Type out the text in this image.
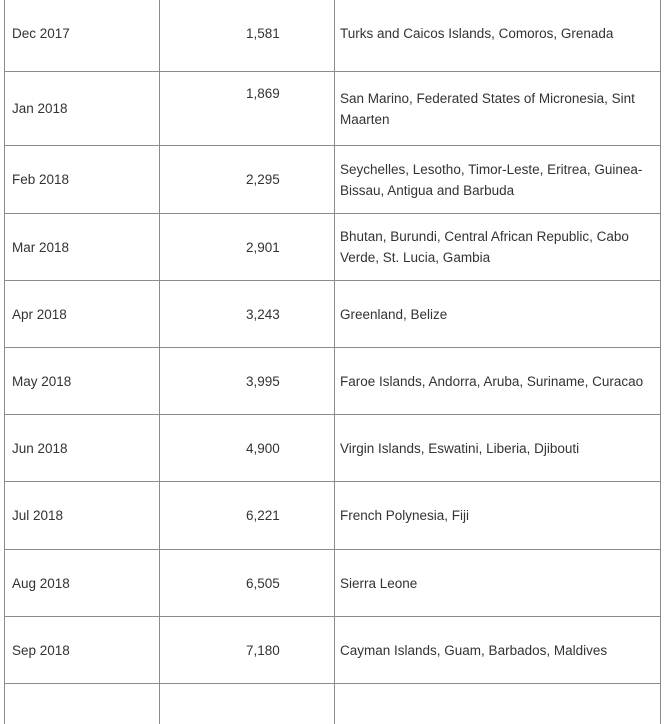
Dec 2017	1,581	Turks and Caicos Islands, Comoros, Grenada
Jan 2018	1,869	San Marino, Federated States of Micronesia, Sint Maarten
Feb 2018	2,295	Seychelles, Lesotho, Timor-Leste, Eritrea, Guinea-Bissau, Antigua and Barbuda
Mar 2018	2,901	Bhutan, Burundi, Central African Republic, Cabo Verde, St. Lucia, Gambia
Apr 2018	3,243	Greenland, Belize
May 2018	3,995	Faroe Islands, Andorra, Aruba, Suriname, Curacao
Jun 2018	4,900	Virgin Islands, Eswatini, Liberia, Djibouti
Jul 2018	6,221	French Polynesia, Fiji
Aug 2018	6,505	Sierra Leone
Sep 2018	7,180	Cayman Islands, Guam, Barbados, Maldives
